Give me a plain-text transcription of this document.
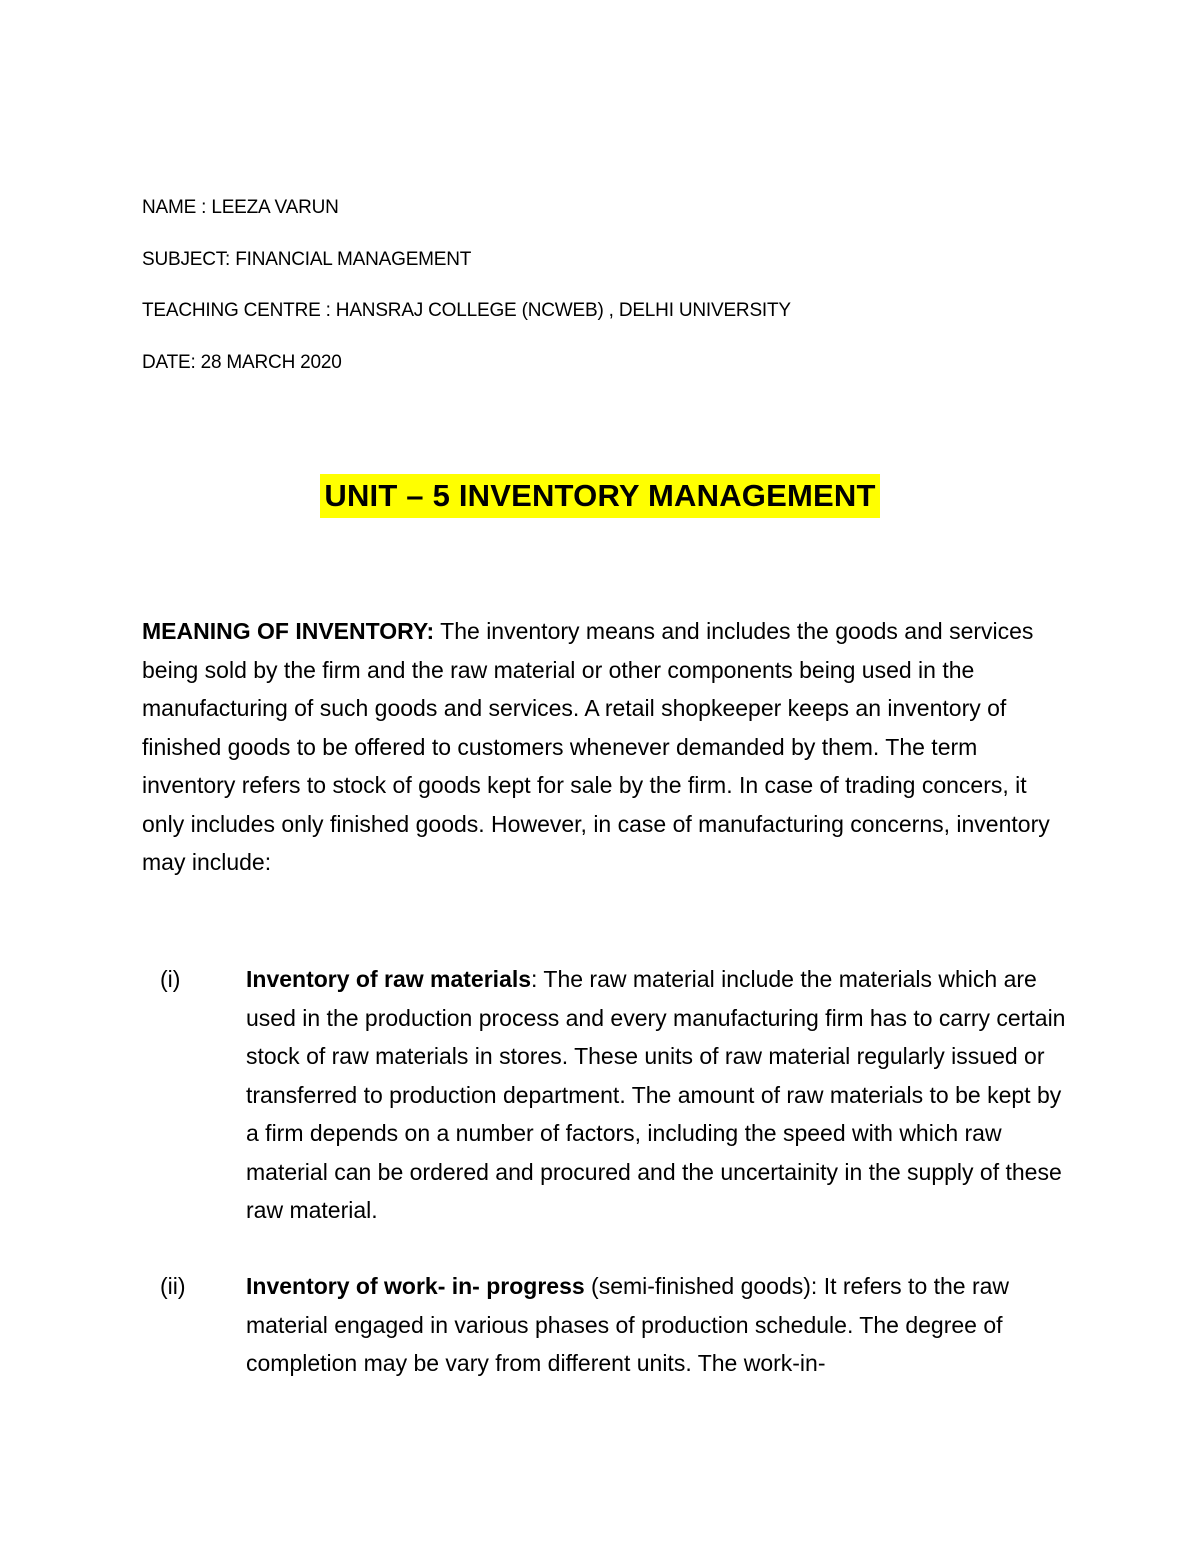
NAME : LEEZA VARUN
SUBJECT: FINANCIAL MANAGEMENT
TEACHING CENTRE : HANSRAJ COLLEGE (NCWEB) , DELHI UNIVERSITY
DATE: 28 MARCH 2020
UNIT – 5 INVENTORY MANAGEMENT
MEANING OF INVENTORY: The inventory means and includes the goods and services being sold by the firm and the raw material or other components being used in the manufacturing of such goods and services. A retail shopkeeper keeps an inventory of finished goods to be offered to customers whenever demanded by them. The term inventory refers to stock of goods kept for sale by the firm. In case of trading concers, it only includes only finished goods. However, in case of manufacturing concerns, inventory may include:
(i)	Inventory of raw materials: The raw material include the materials which are used in the production process and every manufacturing firm has to carry certain stock of raw materials in stores. These units of raw material regularly issued or transferred to production department. The amount of raw materials to be kept by a firm depends on a number of factors, including the speed with which raw material can be ordered and procured and the uncertainity in the supply of these raw material.
(ii)	Inventory of work- in- progress (semi-finished goods): It refers to the raw material engaged in various phases of production schedule. The degree of completion may be vary from different units. The work-in-
